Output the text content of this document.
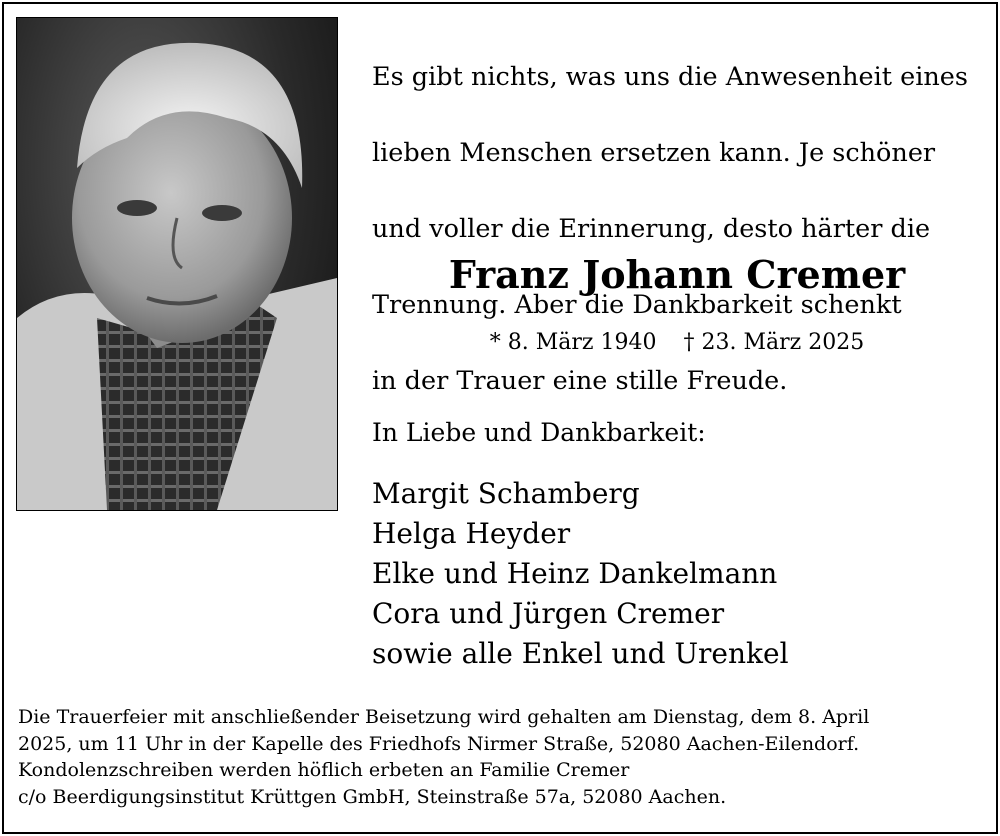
Es gibt nichts, was uns die Anwesenheit eines

lieben Menschen ersetzen kann. Je schöner

und voller die Erinnerung, desto härter die

Trennung. Aber die Dankbarkeit schenkt

in der Trauer eine stille Freude.

Franz Johann Cremer
* 8. März 1940 † 23. März 2025
In Liebe und Dankbarkeit:
Margit Schamberg
Helga Heyder
Elke und Heinz Dankelmann
Cora und Jürgen Cremer
sowie alle Enkel und Urenkel
Die Trauerfeier mit anschließender Beisetzung wird gehalten am Dienstag, dem 8. April
2025, um 11 Uhr in der Kapelle des Friedhofs Nirmer Straße, 52080 Aachen-Eilendorf.
Kondolenzschreiben werden höflich erbeten an Familie Cremer
c/o Beerdigungsinstitut Krüttgen GmbH, Steinstraße 57a, 52080 Aachen.
